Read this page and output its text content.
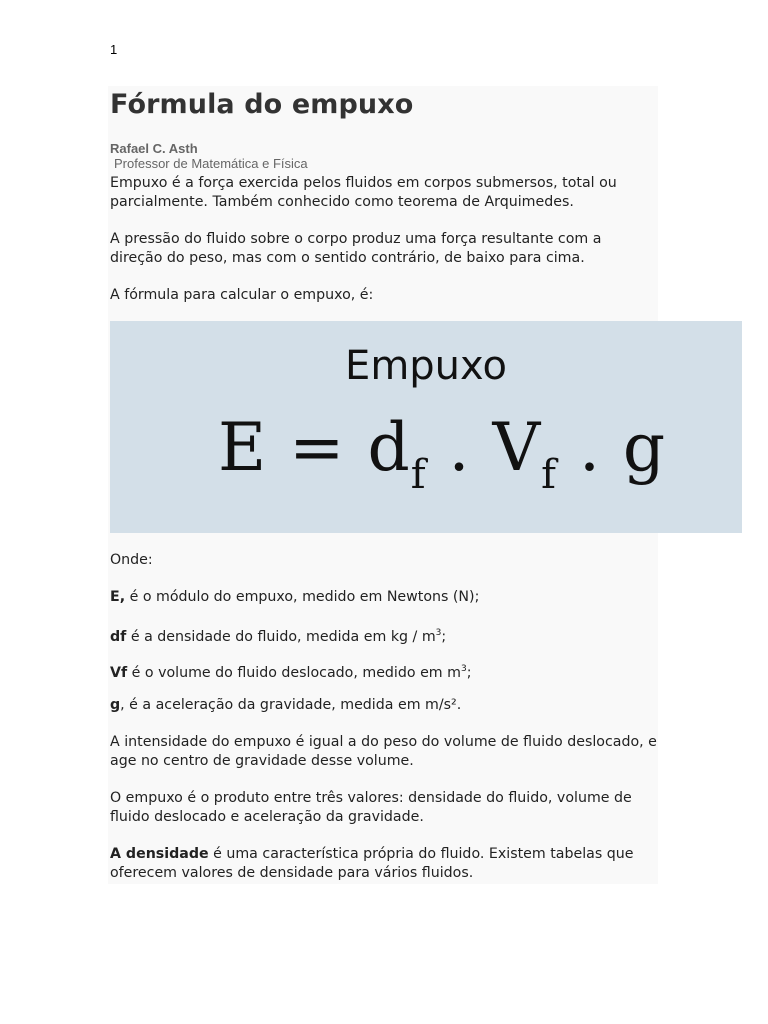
1
Fórmula do empuxo
Rafael C. Asth
Professor de Matemática e Física

Empuxo é a força exercida pelos fluidos em corpos submersos, total ou parcialmente. Também conhecido como teorema de Arquimedes.

A pressão do fluido sobre o corpo produz uma força resultante com a direção do peso, mas com o sentido contrário, de baixo para cima.

A fórmula para calcular o empuxo, é:

Empuxo
$E = d_f$ . $V_f$ . g

Onde:

E, é o módulo do empuxo, medido em Newtons (N);

df é a densidade do fluido, medida em kg / $m^3$;

Vf é o volume do fluido deslocado, medido em $m^3$;

g, é a aceleração da gravidade, medida em m/s².

A intensidade do empuxo é igual a do peso do volume de fluido deslocado, e age no centro de gravidade desse volume.

O empuxo é o produto entre três valores: densidade do fluido, volume de fluido deslocado e aceleração da gravidade.

A densidade é uma característica própria do fluido. Existem tabelas que oferecem valores de densidade para vários fluidos.
